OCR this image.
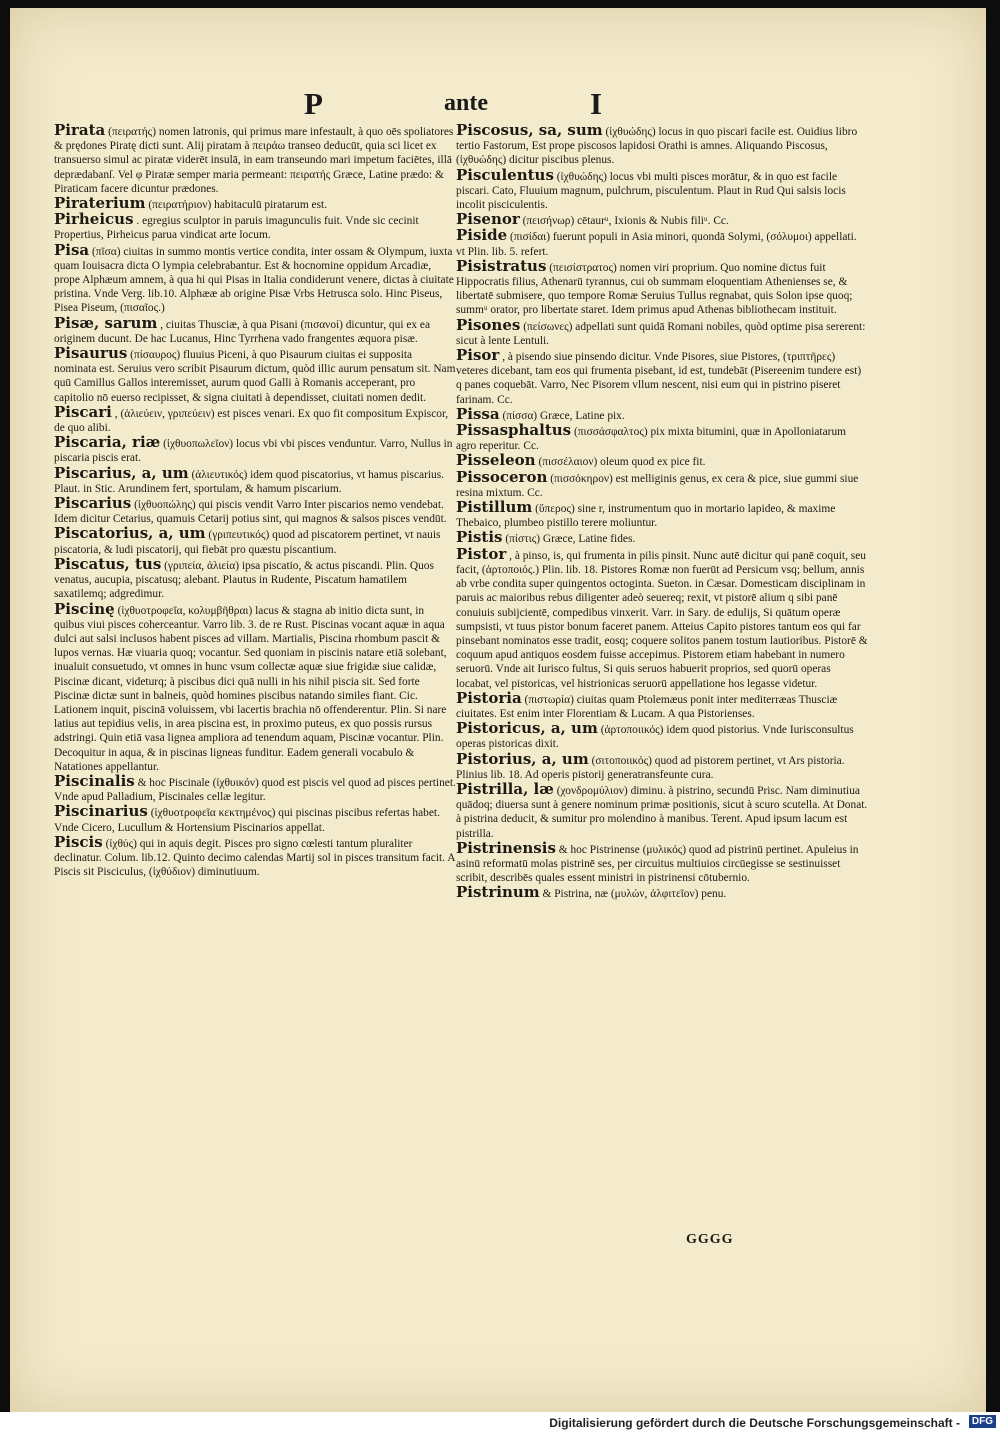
P	ante	I
Pirata (πειρατής) nomen latronis, qui primus mare infestault, à quo oēs spoliatores & prędones Piratę dicti sunt. Alij piratam à πειράω transeo deducūt, quia sci licet ex transuerso simul ac piratæ viderēt insulā, in eam transeundo mari impetum faciētes, illā deprædabanſ. Vel φ Piratæ semper maria permeant: πειρατής Græce, Latine prædo: & Piraticam facere dicuntur prædones.
Piraterium (πειρατήριον) habitaculū piratarum est.
Pirheicus . egregius sculptor in paruis imagunculis fuit. Vnde sic cecinit Propertius, Pirheicus parua vindicat arte locum.
Pisa (πῖσα) ciuitas in summo montis vertice condita, inter ossam & Olympum, iuxta quam Iouisacra dicta O lympia celebrabantur. Est & hocnomine oppidum Arcadiæ, prope Alphæum amnem, à qua hi qui Pisas in Italia condiderunt venere, dictas à ciuitate pristina. Vnde Verg. lib.10. Alphææ ab origine Pisæ Vrbs Hetrusca solo. Hinc Piseus, Pisea Piseum, (πισαῖος.)
Pisæ, sarum , ciuitas Thusciæ, à qua Pisani (πισανοί) dicuntur, qui ex ea originem ducunt. De hac Lucanus, Hinc Tyrrhena vado frangentes æquora pisæ.
Pisaurus (πίσαυρος) fluuius Piceni, à quo Pisaurum ciuitas ei supposita nominata est. Seruius vero scribit Pisaurum dictum, quòd illic aurum pensatum sit. Nam quū Camillus Gallos interemisset, aurum quod Galli à Romanis acceperant, pro capitolio nō euerso recipisset, & signa ciuitati à dependisset, ciuitati nomen dedit.
Piscari , (ἁλιεύειν, γριπεύειν) est pisces venari. Ex quo fit compositum Expiscor, de quo alibi.
Piscaria, riæ (ἰχθυοπωλεῖον) locus vbi vbi pisces venduntur. Varro, Nullus in piscaria piscis erat.
Piscarius, a, um (ἁλιευτικός) idem quod piscatorius, vt hamus piscarius. Plaut. in Stic. Arundinem fert, sportulam, & hamum piscarium.
Piscarius (ἰχθυοπώλης) qui piscis vendit Varro Inter piscarios nemo vendebat. Idem dicitur Cetarius, quamuis Cetarij potius sint, qui magnos & salsos pisces vendūt.
Piscatorius, a, um (γριπευτικός) quod ad piscatorem pertinet, vt nauis piscatoria, & ludi piscatorij, qui fiebāt pro quæstu piscantium.
Piscatus, tus (γριπεία, ἁλιεία) ipsa piscatio, & actus piscandi. Plin. Quos venatus, aucupia, piscatusq; alebant. Plautus in Rudente, Piscatum hamatilem saxatilemq; adgredimur.
Piscinę (ἰχθυοτροφεῖα, κολυμβῆθραι) lacus & stagna ab initio dicta sunt, in quibus viui pisces coherceantur. Varro lib. 3. de re Rust. Piscinas vocant aquæ in aqua dulci aut salsi inclusos habent pisces ad villam. Martialis, Piscina rhombum pascit & lupos vernas. Hæ viuaria quoq; vocantur. Sed quoniam in piscinis natare etiā solebant, inualuit consuetudo, vt omnes in hunc vsum collectæ aquæ siue frigidæ siue calidæ, Piscinæ dicant, videturq; à piscibus dici quā nulli in his nihil piscia sit. Sed forte Piscinæ dictæ sunt in balneis, quòd homines piscibus natando similes fiant. Cic. Lationem inquit, piscinā voluissem, vbi lacertis brachia nō offenderentur. Plin. Si nare latius aut tepidius velis, in area piscina est, in proximo puteus, ex quo possis rursus adstringi. Quin etiā vasa lignea ampliora ad tenendum aquam, Piscinæ vocantur. Plin. Decoquitur in aqua, & in piscinas ligneas funditur. Eadem generali vocabulo & Natationes appellantur.
Piscinalis & hoc Piscinale (ἰχθυικόν) quod est piscis vel quod ad pisces pertinet. Vnde apud Palladium, Piscinales cellæ legitur.
Piscinarius (ἰχθυοτροφεῖα κεκτημένος) qui piscinas piscibus refertas habet. Vnde Cicero, Lucullum & Hortensium Piscinarios appellat.
Piscis (ἰχθύς) qui in aquis degit. Pisces pro signo cœlesti tantum pluraliter declinatur. Colum. lib.12. Quinto decimo calendas Martij sol in pisces transitum facit. A Piscis sit Pisciculus, (ἰχθύδιον) diminutiuum.
Piscosus, sa, sum (ἰχθυώδης) locus in quo piscari facile est. Ouidius libro tertio Fastorum, Est prope piscosos lapidosi Orathi is amnes. Aliquando Piscosus, (ἰχθυώδης) dicitur piscibus plenus.
Pisculentus (ἰχθυώδης) locus vbi multi pisces morātur, & in quo est facile piscari. Cato, Fluuium magnum, pulchrum, pisculentum. Plaut in Rud Qui salsis locis incolit pisciculentis.
Pisenor (πεισήνωρ) cētaurᵘ, Ixionis & Nubis filiᵘ. Cc.
Piside (πισίδαι) fuerunt populi in Asia minori, quondā Solymi, (σόλυμοι) appellati. vt Plin. lib. 5. refert.
Pisistratus (πεισίστρατος) nomen viri proprium. Quo nomine dictus fuit Hippocratis filius, Athenarū tyrannus, cui ob summam eloquentiam Athenienses se, & libertatē submisere, quo tempore Romæ Seruius Tullus regnabat, quis Solon ipse quoq; summᵘ orator, pro libertate staret. Idem primus apud Athenas bibliothecam instituit.
Pisones (πείσωνες) adpellati sunt quidā Romani nobiles, quòd optime pisa sererent: sicut à lente Lentuli.
Pisor , à pisendo siue pinsendo dicitur. Vnde Pisores, siue Pistores, (τριπτῆρες) veteres dicebant, tam eos qui frumenta pisebant, id est, tundebāt (Pisereenim tundere est) q panes coquebāt. Varro, Nec Pisorem vllum nescent, nisi eum qui in pistrino piseret farinam. Cc.
Pissa (πίσσα) Græce, Latine pix.
Pissasphaltus (πισσάσφαλτος) pix mixta bitumini, quæ in Apolloniatarum agro reperitur. Cc.
Pisseleon (πισσέλαιον) oleum quod ex pice fit.
Pissoceron (πισσόκηρον) est melliginis genus, ex cera & pice, siue gummi siue resina mixtum. Cc.
Pistillum (ὕπερος) sine r, instrumentum quo in mortario lapideo, & maxime Thebaico, plumbeo pistillo terere moliuntur.
Pistis (πίστις) Græce, Latine fides.
Pistor , à pinso, is, qui frumenta in pilis pinsit. Nunc autē dicitur qui panē coquit, seu facit, (ἀρτοποιός.) Plin. lib. 18. Pistores Romæ non fuerūt ad Persicum vsq; bellum, annis ab vrbe condita super quingentos octoginta. Sueton. in Cæsar. Domesticam disciplinam in paruis ac maioribus rebus diligenter adeò seuereq; rexit, vt pistorē alium q sibi panē conuiuis subijcientē, compedibus vinxerit. Varr. in Sary. de edulijs, Si quātum operæ sumpsisti, vt tuus pistor bonum faceret panem. Atteius Capito pistores tantum eos qui far pinsebant nominatos esse tradit, eosq; coquere solitos panem tostum lautioribus. Pistorē & coquum apud antiquos eosdem fuisse accepimus. Pistorem etiam habebant in numero seruorū. Vnde ait Iurisco fultus, Si quis seruos habuerit proprios, sed quorū operas locabat, vel pistoricas, vel histrionicas seruorū appellatione hos legasse videtur.
Pistoria (πιστωρία) ciuitas quam Ptolemæus ponit inter mediterræas Thusciæ ciuitates. Est enim inter Florentiam & Lucam. A qua Pistorienses.
Pistoricus, a, um (ἀρτοποιικός) idem quod pistorius. Vnde Iurisconsultus operas pistoricas dixit.
Pistorius, a, um (σιτοποιικός) quod ad pistorem pertinet, vt Ars pistoria. Plinius lib. 18. Ad operis pistorij generatransfeunte cura.
Pistrilla, læ (χονδρομύλιον) diminu. à pistrino, secundū Prisc. Nam diminutiua quādoq; diuersa sunt à genere nominum primæ positionis, sicut à scuro scutella. At Donat. à pistrina deducit, & sumitur pro molendino à manibus. Terent. Apud ipsum lacum est pistrilla.
Pistrinensis & hoc Pistrinense (μυλικός) quod ad pistrinū pertinet. Apuleius in asinū reformatū molas pistrinē ses, per circuitus multiuios circūegisse se sestinuisset scribit, describēs quales essent ministri in pistrinensi cōtubernio.
Pistrinum & Pistrina, næ (μυλών, ἀλφιτεῖον) penu.
GGGG
Digitalisierung gefördert durch die Deutsche Forschungsgemeinschaft -	DFG
